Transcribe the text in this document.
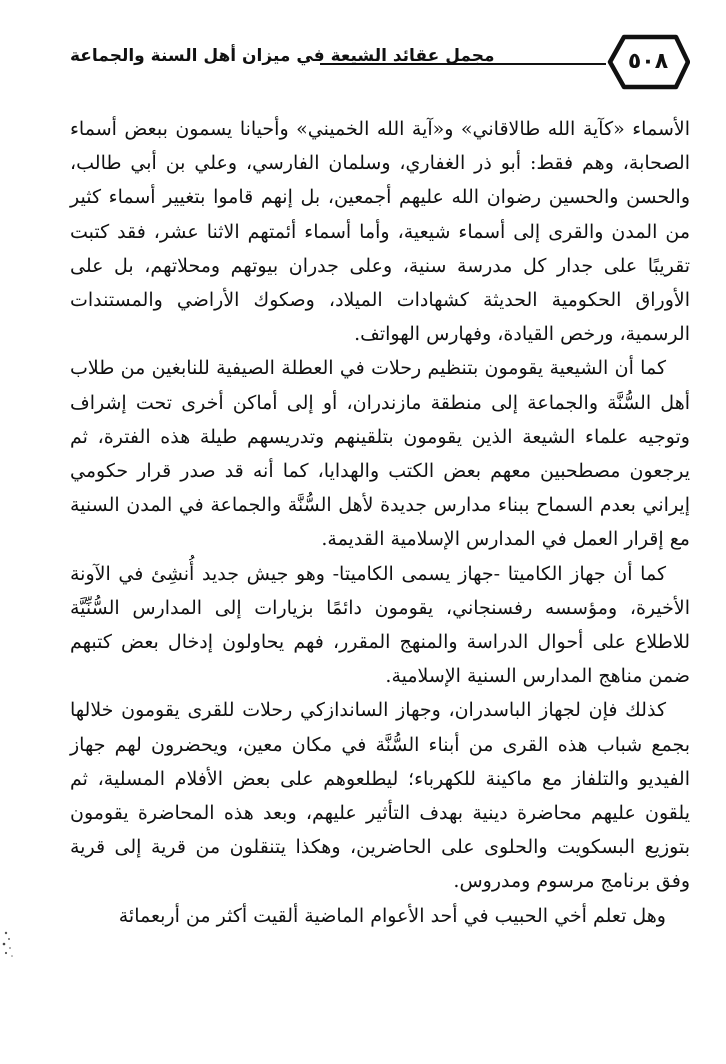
مجمل عقائد الشيعة في ميزان أهل السنة والجماعة	٥٠٨

الأسماء «كآية الله طالاقاني» و«آية الله الخميني» وأحيانا يسمون ببعض أسماء الصحابة، وهم فقط: أبو ذر الغفاري، وسلمان الفارسي، وعلي بن أبي طالب، والحسن والحسين رضوان الله عليهم أجمعين، بل إنهم قاموا بتغيير أسماء كثير من المدن والقرى إلى أسماء شيعية، وأما أسماء أئمتهم الاثنا عشر، فقد كتبت تقريبًا على جدار كل مدرسة سنية، وعلى جدران بيوتهم ومحلاتهم، بل على الأوراق الحكومية الحديثة كشهادات الميلاد، وصكوك الأراضي والمستندات الرسمية، ورخص القيادة، وفهارس الهواتف.

كما أن الشيعية يقومون بتنظيم رحلات في العطلة الصيفية للنابغين من طلاب أهل السُّنَّة والجماعة إلى منطقة مازندران، أو إلى أماكن أخرى تحت إشراف وتوجيه علماء الشيعة الذين يقومون بتلقينهم وتدريسهم طيلة هذه الفترة، ثم يرجعون مصطحبين معهم بعض الكتب والهدايا، كما أنه قد صدر قرار حكومي إيراني بعدم السماح ببناء مدارس جديدة لأهل السُّنَّة والجماعة في المدن السنية مع إقرار العمل في المدارس الإسلامية القديمة.

كما أن جهاز الكاميتا -جهاز يسمى الكاميتا- وهو جيش جديد أُنشِئ في الآونة الأخيرة، ومؤسسه رفسنجاني، يقومون دائمًا بزيارات إلى المدارس السُّنِّيَّة للاطلاع على أحوال الدراسة والمنهج المقرر، فهم يحاولون إدخال بعض كتبهم ضمن مناهج المدارس السنية الإسلامية.

كذلك فإن لجهاز الباسدران، وجهاز الساندازكي رحلات للقرى يقومون خلالها بجمع شباب هذه القرى من أبناء السُّنَّة في مكان معين، ويحضرون لهم جهاز الفيديو والتلفاز مع ماكينة للكهرباء؛ ليطلعوهم على بعض الأفلام المسلية، ثم يلقون عليهم محاضرة دينية بهدف التأثير عليهم، وبعد هذه المحاضرة يقومون بتوزيع البسكويت والحلوى على الحاضرين، وهكذا يتنقلون من قرية إلى قرية وفق برنامج مرسوم ومدروس.

وهل تعلم أخي الحبيب في أحد الأعوام الماضية ألقيت أكثر من أربعمائة
